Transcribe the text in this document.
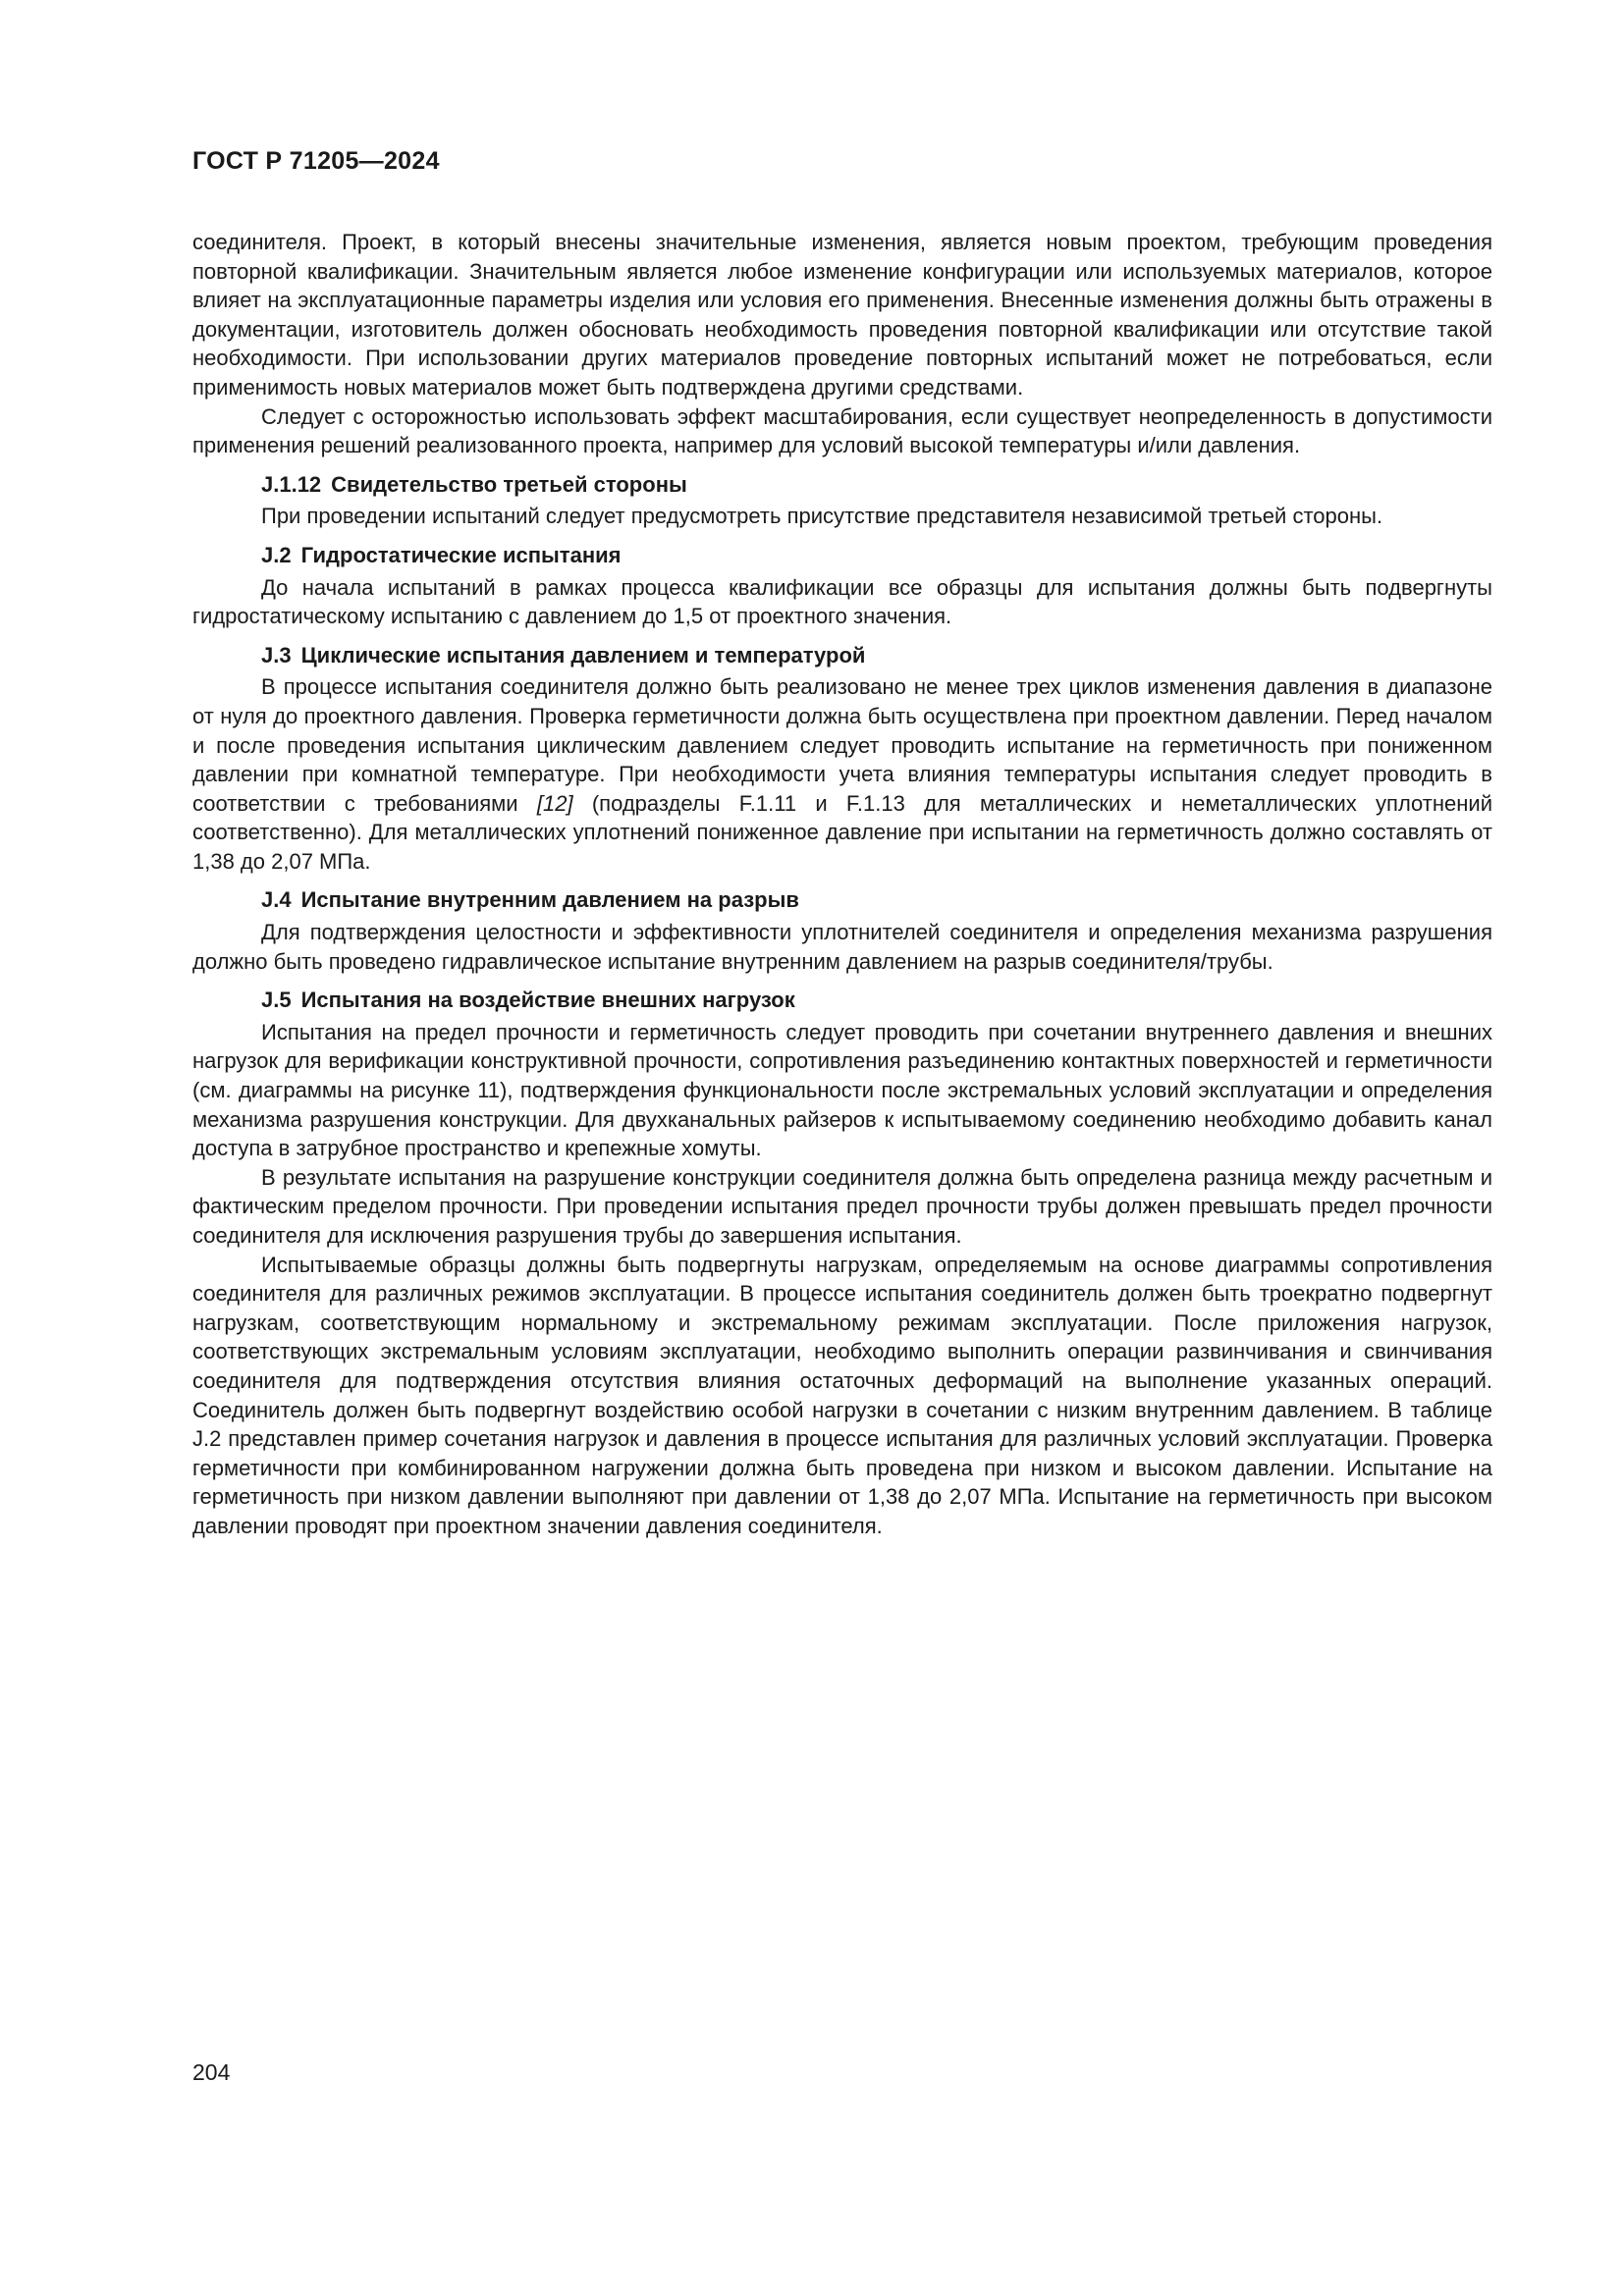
ГОСТ Р 71205—2024

соединителя. Проект, в который внесены значительные изменения, является новым проектом, требующим проведения повторной квалификации. Значительным является любое изменение конфигурации или используемых материалов, которое влияет на эксплуатационные параметры изделия или условия его применения. Внесенные изменения должны быть отражены в документации, изготовитель должен обосновать необходимость проведения повторной квалификации или отсутствие такой необходимости. При использовании других материалов проведение повторных испытаний может не потребоваться, если применимость новых материалов может быть подтверждена другими средствами.

Следует с осторожностью использовать эффект масштабирования, если существует неопределенность в допустимости применения решений реализованного проекта, например для условий высокой температуры и/или давления.

J.1.12 Свидетельство третьей стороны

При проведении испытаний следует предусмотреть присутствие представителя независимой третьей стороны.

J.2 Гидростатические испытания

До начала испытаний в рамках процесса квалификации все образцы для испытания должны быть подвергнуты гидростатическому испытанию с давлением до 1,5 от проектного значения.

J.3 Циклические испытания давлением и температурой

В процессе испытания соединителя должно быть реализовано не менее трех циклов изменения давления в диапазоне от нуля до проектного давления. Проверка герметичности должна быть осуществлена при проектном давлении. Перед началом и после проведения испытания циклическим давлением следует проводить испытание на герметичность при пониженном давлении при комнатной температуре. При необходимости учета влияния температуры испытания следует проводить в соответствии с требованиями [12] (подразделы F.1.11 и F.1.13 для металлических и неметаллических уплотнений соответственно). Для металлических уплотнений пониженное давление при испытании на герметичность должно составлять от 1,38 до 2,07 МПа.

J.4 Испытание внутренним давлением на разрыв

Для подтверждения целостности и эффективности уплотнителей соединителя и определения механизма разрушения должно быть проведено гидравлическое испытание внутренним давлением на разрыв соединителя/трубы.

J.5 Испытания на воздействие внешних нагрузок

Испытания на предел прочности и герметичность следует проводить при сочетании внутреннего давления и внешних нагрузок для верификации конструктивной прочности, сопротивления разъединению контактных поверхностей и герметичности (см. диаграммы на рисунке 11), подтверждения функциональности после экстремальных условий эксплуатации и определения механизма разрушения конструкции. Для двухканальных райзеров к испытываемому соединению необходимо добавить канал доступа в затрубное пространство и крепежные хомуты.

В результате испытания на разрушение конструкции соединителя должна быть определена разница между расчетным и фактическим пределом прочности. При проведении испытания предел прочности трубы должен превышать предел прочности соединителя для исключения разрушения трубы до завершения испытания.

Испытываемые образцы должны быть подвергнуты нагрузкам, определяемым на основе диаграммы сопротивления соединителя для различных режимов эксплуатации. В процессе испытания соединитель должен быть троекратно подвергнут нагрузкам, соответствующим нормальному и экстремальному режимам эксплуатации. После приложения нагрузок, соответствующих экстремальным условиям эксплуатации, необходимо выполнить операции развинчивания и свинчивания соединителя для подтверждения отсутствия влияния остаточных деформаций на выполнение указанных операций. Соединитель должен быть подвергнут воздействию особой нагрузки в сочетании с низким внутренним давлением. В таблице J.2 представлен пример сочетания нагрузок и давления в процессе испытания для различных условий эксплуатации. Проверка герметичности при комбинированном нагружении должна быть проведена при низком и высоком давлении. Испытание на герметичность при низком давлении выполняют при давлении от 1,38 до 2,07 МПа. Испытание на герметичность при высоком давлении проводят при проектном значении давления соединителя.

204
